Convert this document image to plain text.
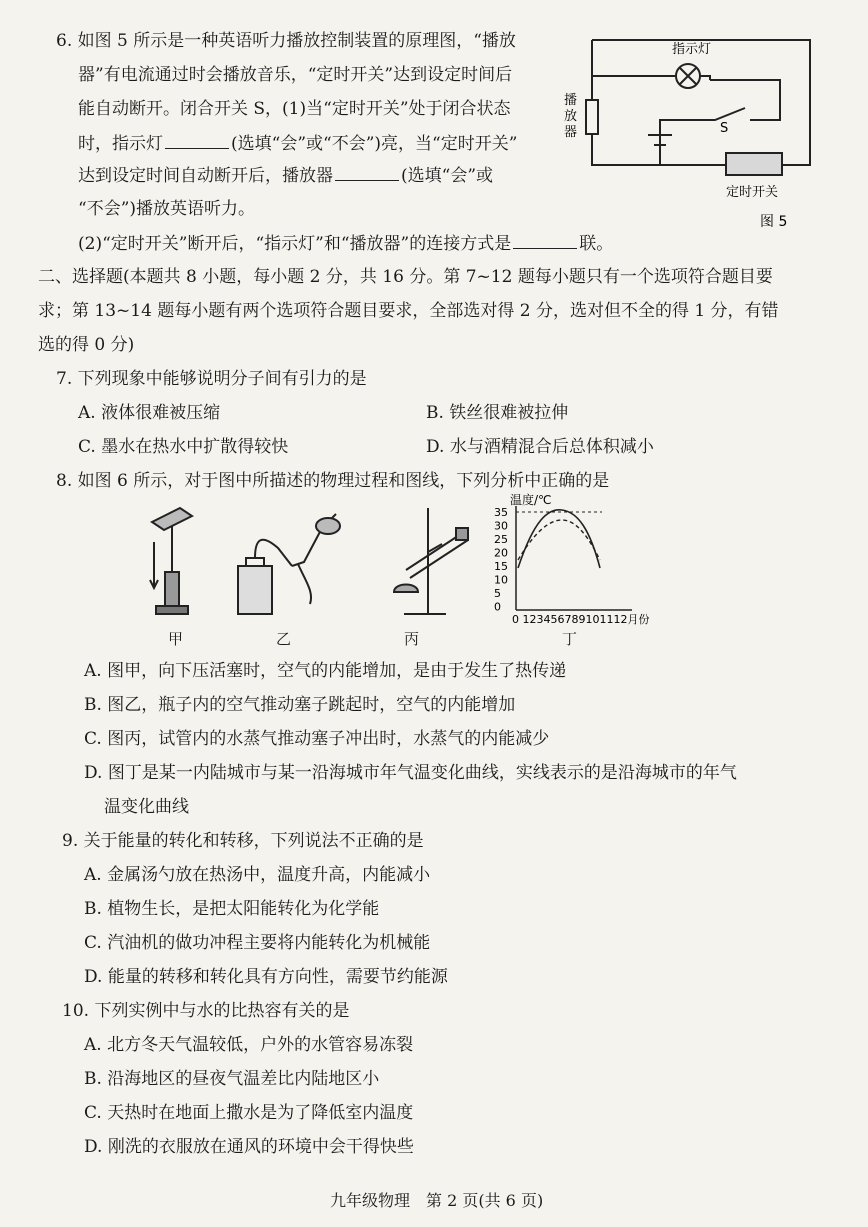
6. 如图 5 所示是一种英语听力播放控制装置的原理图，“播放
器”有电流通过时会播放音乐，“定时开关”达到设定时间后
能自动断开。闭合开关 S，(1)当“定时开关”处于闭合状态
时，指示灯	(选填“会”或“不会”)亮，当“定时开关”
达到设定时间自动断开后，播放器	(选填“会”或
“不会”)播放英语听力。
(2)“定时开关”断开后，“指示灯”和“播放器”的连接方式是	联。
指示灯
播
放
器	S
定时开关
图 5
二、选择题(本题共 8 小题，每小题 2 分，共 16 分。第 7~12 题每小题只有一个选项符合题目要
求；第 13~14 题每小题有两个选项符合题目要求，全部选对得 2 分，选对但不全的得 1 分，有错
选的得 0 分)
7. 下列现象中能够说明分子间有引力的是
A. 液体很难被压缩	B. 铁丝很难被拉伸
C. 墨水在热水中扩散得较快	D. 水与酒精混合后总体积减小
8. 如图 6 所示，对于图中所描述的物理过程和图线，下列分析中正确的是
温度/℃
35
30
25
20
15
10
5
0
0 123456789101112月份
甲	乙	丙	丁
A. 图甲，向下压活塞时，空气的内能增加，是由于发生了热传递
B. 图乙，瓶子内的空气推动塞子跳起时，空气的内能增加
C. 图丙，试管内的水蒸气推动塞子冲出时，水蒸气的内能减少
D. 图丁是某一内陆城市与某一沿海城市年气温变化曲线，实线表示的是沿海城市的年气
温变化曲线
9. 关于能量的转化和转移，下列说法不正确的是
A. 金属汤勺放在热汤中，温度升高，内能减小
B. 植物生长，是把太阳能转化为化学能
C. 汽油机的做功冲程主要将内能转化为机械能
D. 能量的转移和转化具有方向性，需要节约能源
10. 下列实例中与水的比热容有关的是
A. 北方冬天气温较低，户外的水管容易冻裂
B. 沿海地区的昼夜气温差比内陆地区小
C. 天热时在地面上撒水是为了降低室内温度
D. 刚洗的衣服放在通风的环境中会干得快些
九年级物理　第 2 页(共 6 页)
